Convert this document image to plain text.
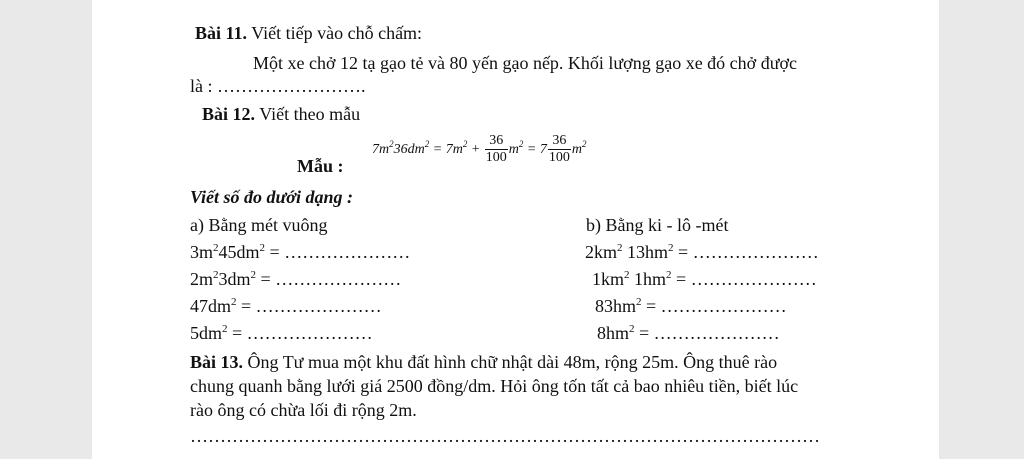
Bài 11. Viết tiếp vào chỗ chấm:
Một xe chở 12 tạ gạo tẻ và 80 yến gạo nếp. Khối lượng gạo xe đó chở được
là : …………………….
Bài 12. Viết theo mẫu
Mẫu :
$7m^236dm^2 = 7m^2 + \frac{36}{100} m^2 = 7 \frac{36}{100} m^2$
Viết số đo dưới dạng :
a) Bằng mét vuông
$3m^245dm^2$ = …………………
$2m^23dm^2$ = …………………
$47dm^2$ = …………………
$5dm^2$ = …………………
b) Bằng ki - lô -mét
$2km^2$ $13hm^2$ = …………………
$1km^2$ $1hm^2$ = …………………
$83hm^2$ = …………………
$8hm^2$ = …………………
Bài 13. Ông Tư mua một khu đất hình chữ nhật dài 48m, rộng 25m. Ông thuê rào
chung quanh bằng lưới giá 2500 đồng/dm. Hỏi ông tốn tất cả bao nhiêu tiền, biết lúc
rào ông có chừa lối đi rộng 2m.
……………………………………………………………………………………………
